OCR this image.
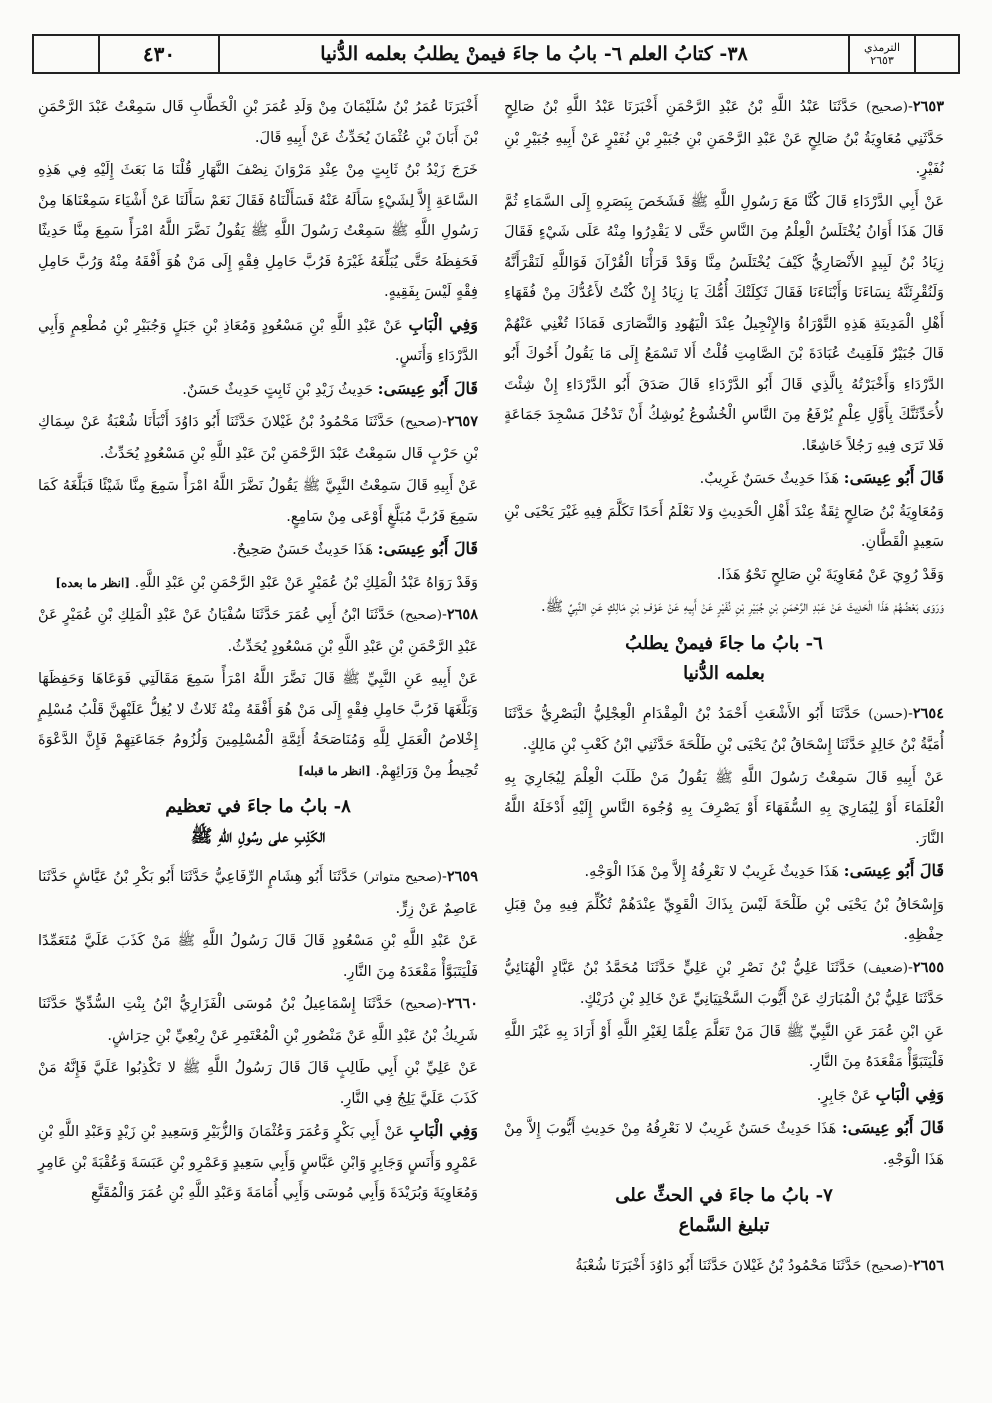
الترمذي
٢٦٥٣
٣٨- كتابُ العلم ٦- بابُ ما جاءَ فيمنْ يطلبُ بعلمه الدُّنيا
٤٣٠

٢٦٥٣-(صحيح) حَدَّثَنَا عَبْدُ اللَّهِ بْنُ عَبْدِ الرَّحْمَنِ أَخْبَرَنَا عَبْدُ اللَّهِ بْنُ صَالِحٍ حَدَّثَنِي مُعَاوِيَةُ بْنُ صَالِحٍ عَنْ عَبْدِ الرَّحْمَنِ بْنِ جُبَيْرِ بْنِ نُفَيْرٍ عَنْ أَبِيهِ جُبَيْرِ بْنِ نُفَيْرٍ.

عَنْ أَبِي الدَّرْدَاءِ قَالَ كُنَّا مَعَ رَسُولِ اللَّهِ ﷺ فَشَخَصَ بِبَصَرِهِ إِلَى السَّمَاءِ ثُمَّ قَالَ هَذَا أَوَانُ يُخْتَلَسُ الْعِلْمُ مِنَ النَّاسِ حَتَّى لا يَقْدِرُوا مِنْهُ عَلَى شَيْءٍ فَقَالَ زِيَادُ بْنُ لَبِيدٍ الأَنْصَارِيُّ كَيْفَ يُخْتَلَسُ مِنَّا وَقَدْ قَرَأْنَا الْقُرْآنَ فَوَاللَّهِ لَنَقْرَأَنَّهُ وَلَنُقْرِئَنَّهُ نِسَاءَنَا وَأَبْنَاءَنَا فَقَالَ ثَكِلَتْكَ أُمُّكَ يَا زِيَادُ إِنْ كُنْتُ لأَعُدُّكَ مِنْ فُقَهَاءِ أَهْلِ الْمَدِينَةِ هَذِهِ التَّوْرَاةُ وَالإِنْجِيلُ عِنْدَ الْيَهُودِ وَالنَّصَارَى فَمَاذَا تُغْنِي عَنْهُمْ قَالَ جُبَيْرٌ فَلَقِيتُ عُبَادَةَ بْنَ الصَّامِتِ قُلْتُ أَلا تَسْمَعُ إِلَى مَا يَقُولُ أَخُوكَ أَبُو الدَّرْدَاءِ وَأَخْبَرْتُهُ بِالَّذِي قَالَ أَبُو الدَّرْدَاءِ قَالَ صَدَقَ أَبُو الدَّرْدَاءِ إِنْ شِئْتَ لأُحَدِّثَنَّكَ بِأَوَّلِ عِلْمٍ يُرْفَعُ مِنَ النَّاسِ الْخُشُوعُ يُوشِكُ أَنْ تَدْخُلَ مَسْجِدَ جَمَاعَةٍ فَلا تَرَى فِيهِ رَجُلاً خَاشِعًا.

قَالَ أَبُو عِيسَى: هَذَا حَدِيثٌ حَسَنٌ غَرِيبٌ.

وَمُعَاوِيَةُ بْنُ صَالِحٍ ثِقَةٌ عِنْدَ أَهْلِ الْحَدِيثِ وَلا نَعْلَمُ أَحَدًا تَكَلَّمَ فِيهِ غَيْرَ يَحْيَى بْنِ سَعِيدٍ الْقَطَّانِ.

وَقَدْ رُوِيَ عَنْ مُعَاوِيَةَ بْنِ صَالِحٍ نَحْوُ هَذَا.

وَرَوَى بَعْضُهُمْ هَذَا الْحَدِيثَ عَنْ عَبْدِ الرَّحْمَنِ بْنِ جُبَيْرِ بْنِ نُفَيْرٍ عَنْ أَبِيهِ عَنْ عَوْفِ بْنِ مَالِكٍ عَنِ النَّبِيِّ ﷺ.

٦- بابُ ما جاءَ فيمنْ يطلبُ
بعلمه الدُّنيا

٢٦٥٤-(حسن) حَدَّثَنَا أَبُو الأَشْعَثِ أَحْمَدُ بْنُ الْمِقْدَامِ الْعِجْلِيُّ الْبَصْرِيُّ حَدَّثَنَا أُمَيَّةُ بْنُ خَالِدٍ حَدَّثَنَا إِسْحَاقُ بْنُ يَحْيَى بْنِ طَلْحَةَ حَدَّثَنِي ابْنُ كَعْبِ بْنِ مَالِكٍ.

عَنْ أَبِيهِ قَالَ سَمِعْتُ رَسُولَ اللَّهِ ﷺ يَقُولُ مَنْ طَلَبَ الْعِلْمَ لِيُجَارِيَ بِهِ الْعُلَمَاءَ أَوْ لِيُمَارِيَ بِهِ السُّفَهَاءَ أَوْ يَصْرِفَ بِهِ وُجُوهَ النَّاسِ إِلَيْهِ أَدْخَلَهُ اللَّهُ النَّارَ.

قَالَ أَبُو عِيسَى: هَذَا حَدِيثٌ غَرِيبٌ لا نَعْرِفُهُ إِلاَّ مِنْ هَذَا الْوَجْهِ.

وَإِسْحَاقُ بْنُ يَحْيَى بْنِ طَلْحَةَ لَيْسَ بِذَاكَ الْقَوِيِّ عِنْدَهُمْ تُكُلِّمَ فِيهِ مِنْ قِبَلِ حِفْظِهِ.

٢٦٥٥-(ضعيف) حَدَّثَنَا عَلِيُّ بْنُ نَصْرِ بْنِ عَلِيٍّ حَدَّثَنَا مُحَمَّدُ بْنُ عَبَّادٍ الْهُنَائِيُّ حَدَّثَنَا عَلِيُّ بْنُ الْمُبَارَكِ عَنْ أَيُّوبَ السَّخْتِيَانِيِّ عَنْ خَالِدِ بْنِ دُرَيْكٍ.

عَنِ ابْنِ عُمَرَ عَنِ النَّبِيِّ ﷺ قَالَ مَنْ تَعَلَّمَ عِلْمًا لِغَيْرِ اللَّهِ أَوْ أَرَادَ بِهِ غَيْرَ اللَّهِ فَلْيَتَبَوَّأْ مَقْعَدَهُ مِنَ النَّارِ.

وَفِي الْبَابِ عَنْ جَابِرٍ.

قَالَ أَبُو عِيسَى: هَذَا حَدِيثٌ حَسَنٌ غَرِيبٌ لا نَعْرِفُهُ مِنْ حَدِيثِ أَيُّوبَ إِلاَّ مِنْ هَذَا الْوَجْهِ.

٧- بابُ ما جاءَ في الحثِّ على
تبليغ السَّماع

٢٦٥٦-(صحيح) حَدَّثَنَا مَحْمُودُ بْنُ غَيْلانَ حَدَّثَنَا أَبُو دَاوُدَ أَخْبَرَنَا شُعْبَةُ

أَخْبَرَنَا عُمَرُ بْنُ سُلَيْمَانَ مِنْ وَلَدِ عُمَرَ بْنِ الْخَطَّابِ قَال سَمِعْتُ عَبْدَ الرَّحْمَنِ بْنَ أَبَانَ بْنِ عُثْمَانَ يُحَدِّثُ عَنْ أَبِيهِ قَالَ.

خَرَجَ زَيْدُ بْنُ ثَابِتٍ مِنْ عِنْدِ مَرْوَانَ نِصْفَ النَّهَارِ قُلْنَا مَا بَعَثَ إِلَيْهِ فِي هَذِهِ السَّاعَةِ إِلاَّ لِشَيْءٍ سَأَلَهُ عَنْهُ فَسَأَلْنَاهُ فَقَالَ نَعَمْ سَأَلَنَا عَنْ أَشْيَاءَ سَمِعْنَاهَا مِنْ رَسُولِ اللَّهِ ﷺ سَمِعْتُ رَسُولَ اللَّهِ ﷺ يَقُولُ نَضَّرَ اللَّهُ امْرَأً سَمِعَ مِنَّا حَدِيثًا فَحَفِظَهُ حَتَّى يُبَلِّغَهُ غَيْرَهُ فَرُبَّ حَامِلِ فِقْهٍ إِلَى مَنْ هُوَ أَفْقَهُ مِنْهُ وَرُبَّ حَامِلِ فِقْهٍ لَيْسَ بِفَقِيهٍ.

وَفِي الْبَابِ عَنْ عَبْدِ اللَّهِ بْنِ مَسْعُودٍ وَمُعَاذِ بْنِ جَبَلٍ وَجُبَيْرِ بْنِ مُطْعِمٍ وَأَبِي الدَّرْدَاءِ وَأَنَسٍ.

قَالَ أَبُو عِيسَى: حَدِيثُ زَيْدِ بْنِ ثَابِتٍ حَدِيثٌ حَسَنٌ.

٢٦٥٧-(صحيح) حَدَّثَنَا مَحْمُودُ بْنُ غَيْلانَ حَدَّثَنَا أَبُو دَاوُدَ أَنْبَأَنَا شُعْبَةُ عَنْ سِمَاكِ بْنِ حَرْبٍ قَال سَمِعْتُ عَبْدَ الرَّحْمَنِ بْنَ عَبْدِ اللَّهِ بْنِ مَسْعُودٍ يُحَدِّثُ.

عَنْ أَبِيهِ قَالَ سَمِعْتُ النَّبِيَّ ﷺ يَقُولُ نَضَّرَ اللَّهُ امْرَأً سَمِعَ مِنَّا شَيْئًا فَبَلَّغَهُ كَمَا سَمِعَ فَرُبَّ مُبَلَّغٍ أَوْعَى مِنْ سَامِعٍ.

قَالَ أَبُو عِيسَى: هَذَا حَدِيثٌ حَسَنٌ صَحِيحٌ.

وَقَدْ رَوَاهُ عَبْدُ الْمَلِكِ بْنُ عُمَيْرٍ عَنْ عَبْدِ الرَّحْمَنِ بْنِ عَبْدِ اللَّهِ. [انظر ما بعده]

٢٦٥٨-(صحيح) حَدَّثَنَا ابْنُ أَبِي عُمَرَ حَدَّثَنَا سُفْيَانُ عَنْ عَبْدِ الْمَلِكِ بْنِ عُمَيْرٍ عَنْ عَبْدِ الرَّحْمَنِ بْنِ عَبْدِ اللَّهِ بْنِ مَسْعُودٍ يُحَدِّثُ.

عَنْ أَبِيهِ عَنِ النَّبِيِّ ﷺ قَالَ نَضَّرَ اللَّهُ امْرَأً سَمِعَ مَقَالَتِي فَوَعَاهَا وَحَفِظَهَا وَبَلَّغَهَا فَرُبَّ حَامِلِ فِقْهٍ إِلَى مَنْ هُوَ أَفْقَهُ مِنْهُ ثَلاثٌ لا يُغِلُّ عَلَيْهِنَّ قَلْبُ مُسْلِمٍ إِخْلاصُ الْعَمَلِ لِلَّهِ وَمُنَاصَحَةُ أَئِمَّةِ الْمُسْلِمِينَ وَلُزُومُ جَمَاعَتِهِمْ فَإِنَّ الدَّعْوَةَ تُحِيطُ مِنْ وَرَائِهِمْ. [انظر ما قبله]

٨- بابُ ما جاءَ في تعظيم
الكَذِبِ على رسُولِ اللهِ ﷺ

٢٦٥٩-(صحيح متواتر) حَدَّثَنَا أَبُو هِشَامٍ الرِّفَاعِيُّ حَدَّثَنَا أَبُو بَكْرِ بْنُ عَيَّاشٍ حَدَّثَنَا عَاصِمٌ عَنْ زِرٍّ.

عَنْ عَبْدِ اللَّهِ بْنِ مَسْعُودٍ قَالَ قَالَ رَسُولُ اللَّهِ ﷺ مَنْ كَذَبَ عَلَيَّ مُتَعَمِّدًا فَلْيَتَبَوَّأْ مَقْعَدَهُ مِنَ النَّارِ.

٢٦٦٠-(صحيح) حَدَّثَنَا إِسْمَاعِيلُ بْنُ مُوسَى الْفَزَارِيُّ ابْنُ بِنْتِ السُّدِّيِّ حَدَّثَنَا شَرِيكُ بْنُ عَبْدِ اللَّهِ عَنْ مَنْصُورِ بْنِ الْمُعْتَمِرِ عَنْ رِبْعِيِّ بْنِ حِرَاشٍ.

عَنْ عَلِيِّ بْنِ أَبِي طَالِبٍ قَالَ قَالَ رَسُولُ اللَّهِ ﷺ لا تَكْذِبُوا عَلَيَّ فَإِنَّهُ مَنْ كَذَبَ عَلَيَّ يَلِجُ فِي النَّارِ.

وَفِي الْبَابِ عَنْ أَبِي بَكْرٍ وَعُمَرَ وَعُثْمَانَ وَالزُّبَيْرِ وَسَعِيدِ بْنِ زَيْدٍ وَعَبْدِ اللَّهِ بْنِ عَمْرٍو وَأَنَسٍ وَجَابِرٍ وَابْنِ عَبَّاسٍ وَأَبِي سَعِيدٍ وَعَمْرِو بْنِ عَبَسَةَ وَعُقْبَةَ بْنِ عَامِرٍ وَمُعَاوِيَةَ وَبُرَيْدَةَ وَأَبِي مُوسَى وَأَبِي أُمَامَةَ وَعَبْدِ اللَّهِ بْنِ عُمَرَ وَالْمُقَنَّعِ
